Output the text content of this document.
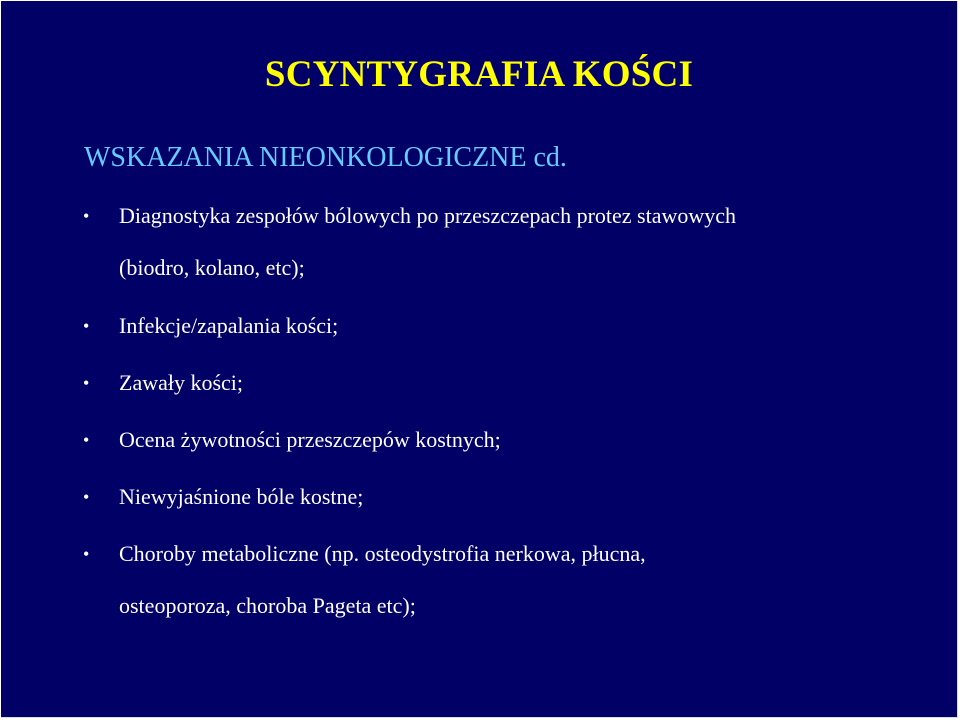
SCYNTYGRAFIA KOŚCI
WSKAZANIA NIEONKOLOGICZNE cd.
• Diagnostyka zespołów bólowych po przeszczepach protez stawowych
(biodro, kolano, etc);
• Infekcje/zapalania kości;
• Zawały kości;
• Ocena żywotności przeszczepów kostnych;
• Niewyjaśnione bóle kostne;
• Choroby metaboliczne (np. osteodystrofia nerkowa, płucna,
osteoporoza, choroba Pageta etc);
